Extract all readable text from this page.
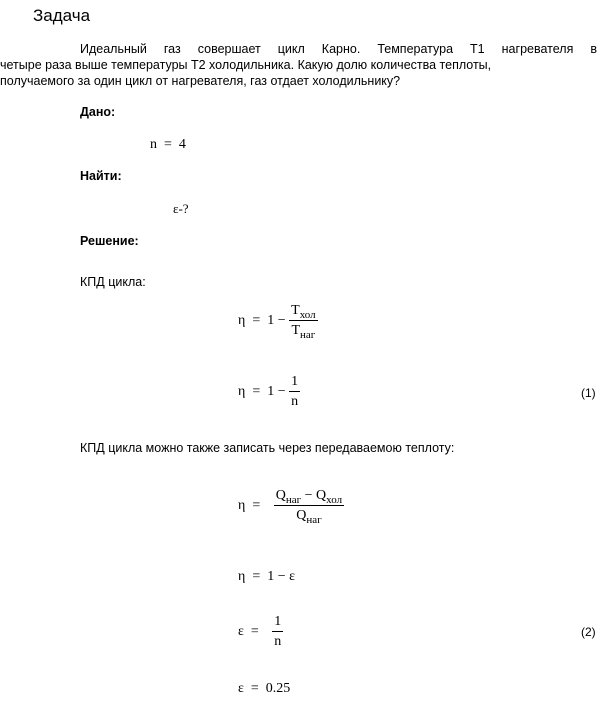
Задача
Идеальный газ совершает цикл Карно. Температура Т1 нагревателя в
четыре раза выше температуры Т2 холодильника. Какую долю количества теплоты,
получаемого за один цикл от нагревателя, газ отдает холодильнику?
Дано:
n  =  4
Найти:
ε-?
Решение:
КПД цикла:
$\eta = 1 - \frac{T_{хол}}{T_{наг}}$
$\eta = 1 - \frac{1}{n}$	(1)
КПД цикла можно также записать через передаваемою теплоту:
$\eta = \frac{Q_{наг} - Q_{хол}}{Q_{наг}}$
η  =  1 − ε
$\varepsilon = \frac{1}{n}$	(2)
ε  =  0.25
